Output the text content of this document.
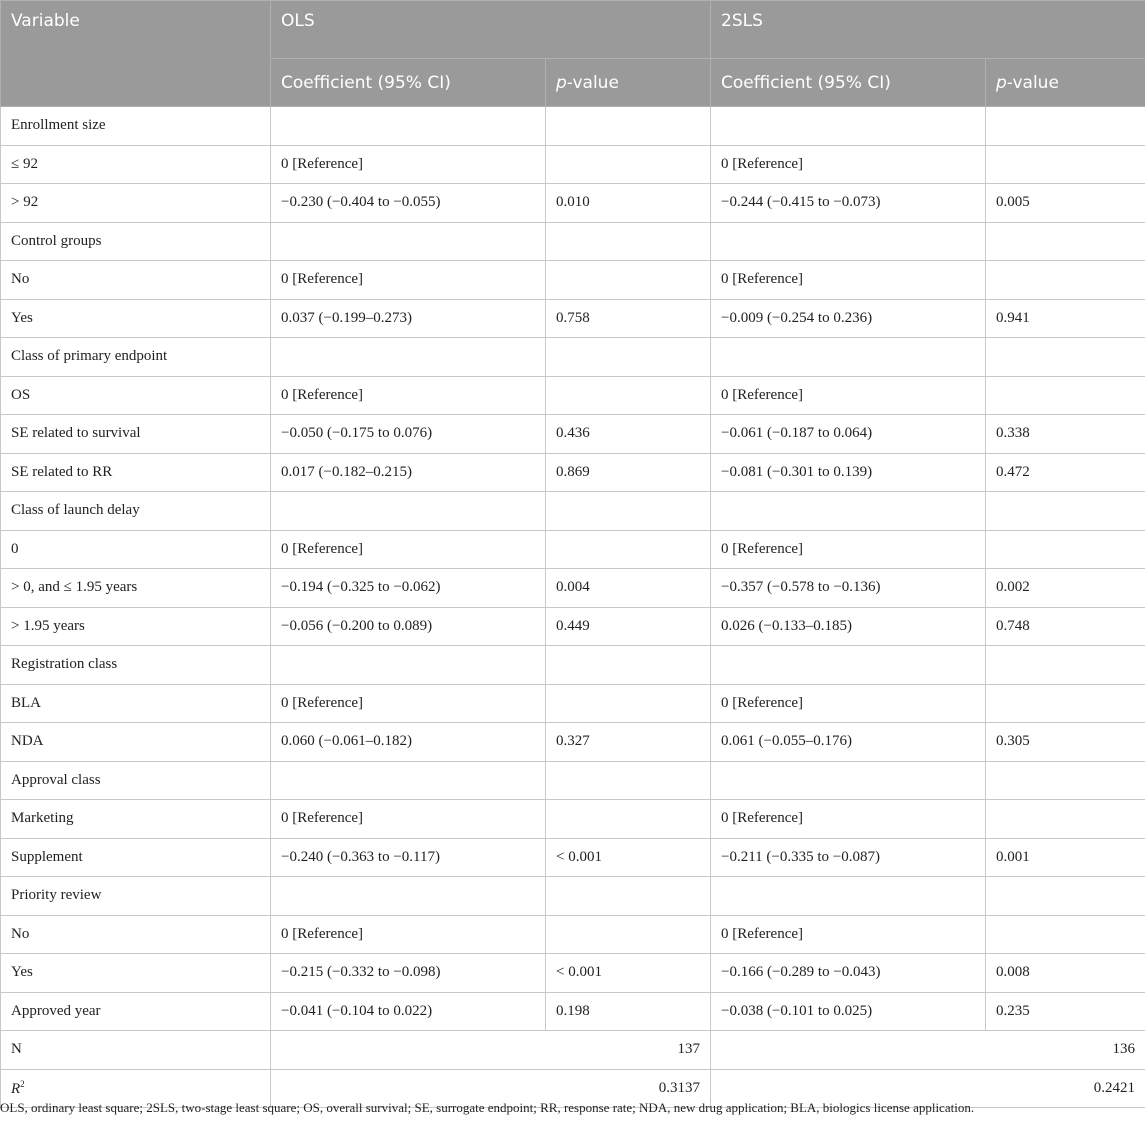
Variable	OLS		2SLS	
	Coefficient (95% CI)	p-value	Coefficient (95% CI)	p-value
Enrollment size				
≤ 92	0 [Reference]		0 [Reference]	
> 92	−0.230 (−0.404 to −0.055)	0.010	−0.244 (−0.415 to −0.073)	0.005
Control groups				
No	0 [Reference]		0 [Reference]	
Yes	0.037 (−0.199–0.273)	0.758	−0.009 (−0.254 to 0.236)	0.941
Class of primary endpoint				
OS	0 [Reference]		0 [Reference]	
SE related to survival	−0.050 (−0.175 to 0.076)	0.436	−0.061 (−0.187 to 0.064)	0.338
SE related to RR	0.017 (−0.182–0.215)	0.869	−0.081 (−0.301 to 0.139)	0.472
Class of launch delay				
0	0 [Reference]		0 [Reference]	
> 0, and ≤ 1.95 years	−0.194 (−0.325 to −0.062)	0.004	−0.357 (−0.578 to −0.136)	0.002
> 1.95 years	−0.056 (−0.200 to 0.089)	0.449	0.026 (−0.133–0.185)	0.748
Registration class				
BLA	0 [Reference]		0 [Reference]	
NDA	0.060 (−0.061–0.182)	0.327	0.061 (−0.055–0.176)	0.305
Approval class				
Marketing	0 [Reference]		0 [Reference]	
Supplement	−0.240 (−0.363 to −0.117)	< 0.001	−0.211 (−0.335 to −0.087)	0.001
Priority review				
No	0 [Reference]		0 [Reference]	
Yes	−0.215 (−0.332 to −0.098)	< 0.001	−0.166 (−0.289 to −0.043)	0.008
Approved year	−0.041 (−0.104 to 0.022)	0.198	−0.038 (−0.101 to 0.025)	0.235
N	137		136	
$R^2$	0.3137		0.2421	
OLS, ordinary least square; 2SLS, two-stage least square; OS, overall survival; SE, surrogate endpoint; RR, response rate; NDA, new drug application; BLA, biologics license application.
